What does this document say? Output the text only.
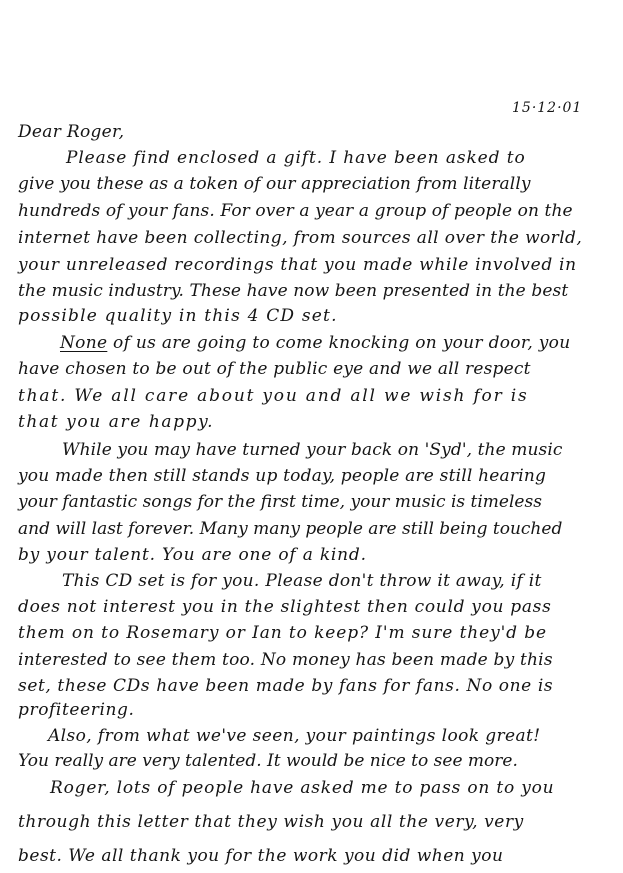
15·12·01
Dear Roger,
Please find enclosed a gift. I have been asked to
give you these as a token of our appreciation from literally
hundreds of your fans. For over a year a group of people on the
internet have been collecting, from sources all over the world,
your unreleased recordings that you made while involved in
the music industry. These have now been presented in the best
possible quality in this 4 CD set.
None of us are going to come knocking on your door, you
have chosen to be out of the public eye and we all respect
that. We all care about you and all we wish for is
that you are happy.
While you may have turned your back on 'Syd', the music
you made then still stands up today, people are still hearing
your fantastic songs for the first time, your music is timeless
and will last forever. Many many people are still being touched
by your talent. You are one of a kind.
This CD set is for you. Please don't throw it away, if it
does not interest you in the slightest then could you pass
them on to Rosemary or Ian to keep? I'm sure they'd be
interested to see them too. No money has been made by this
set, these CDs have been made by fans for fans. No one is
profiteering.
Also, from what we've seen, your paintings look great!
You really are very talented. It would be nice to see more.
Roger, lots of people have asked me to pass on to you
through this letter that they wish you all the very, very
best. We all thank you for the work you did when you
